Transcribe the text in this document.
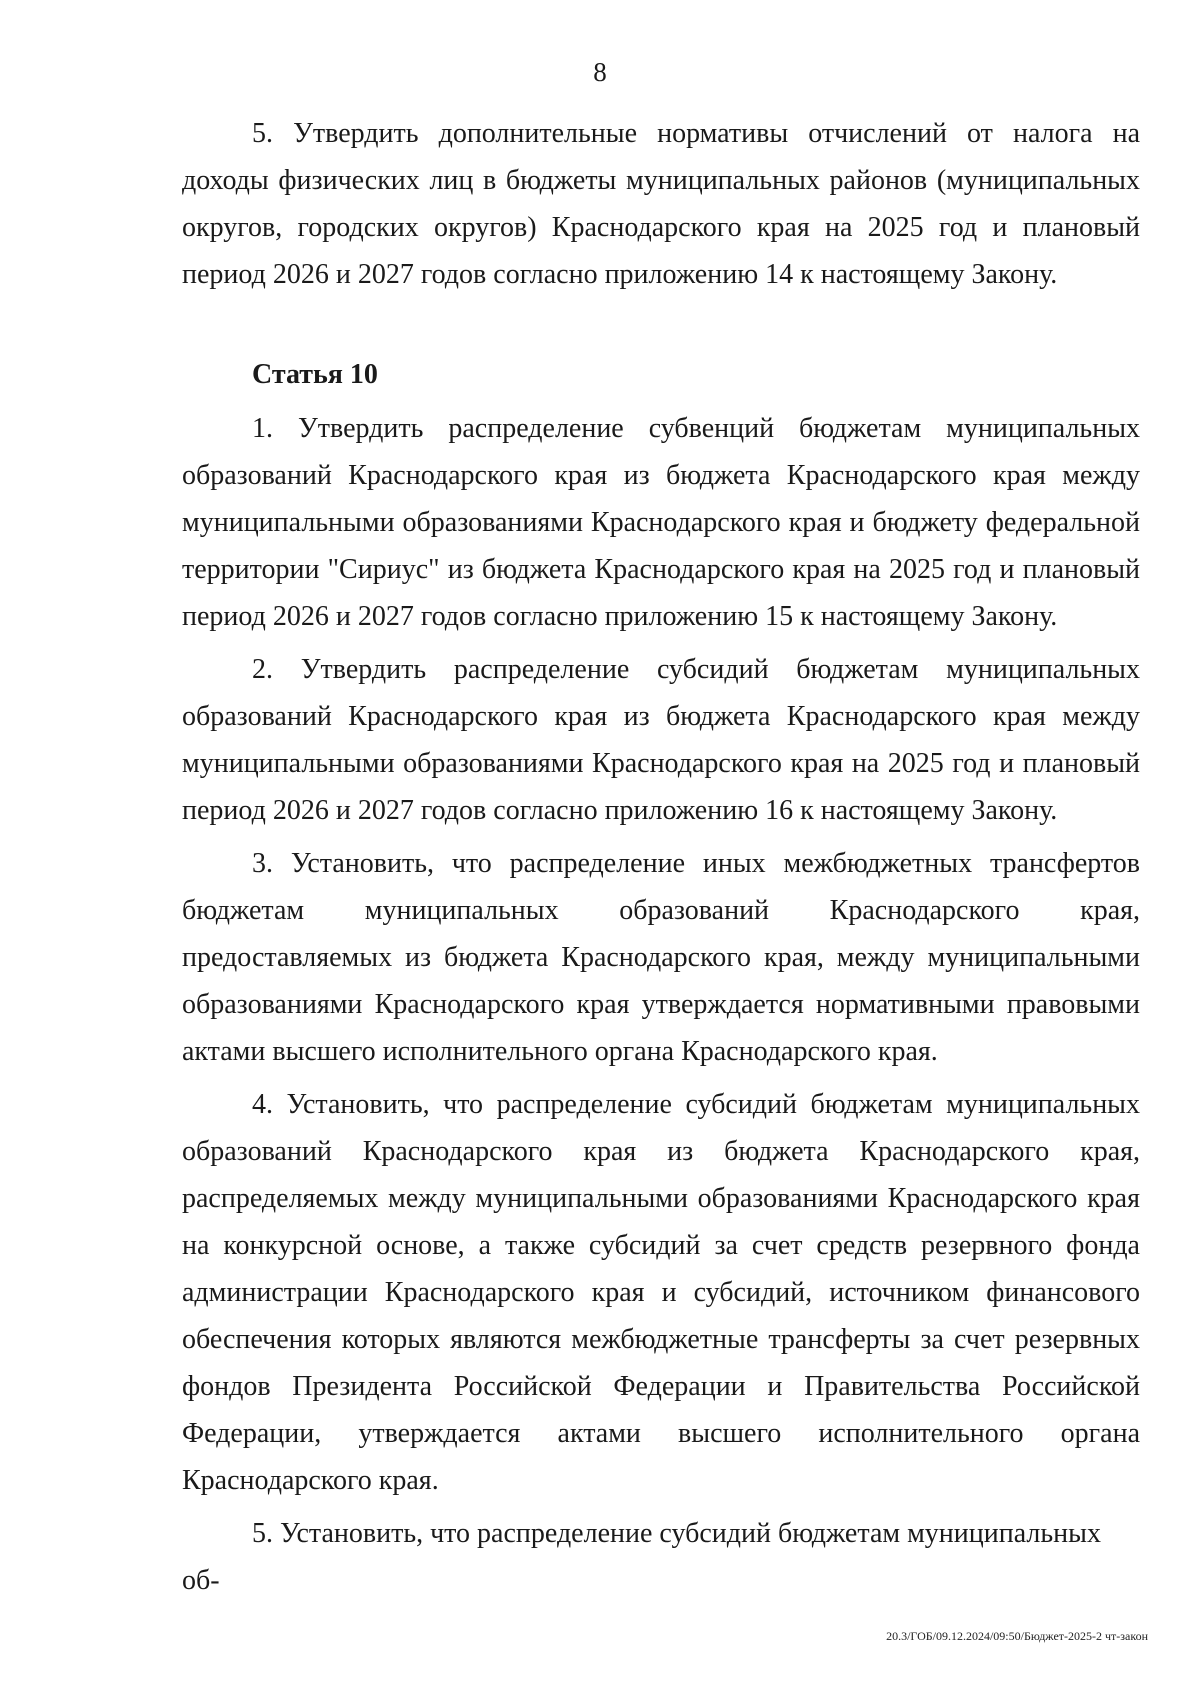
8

5. Утвердить дополнительные нормативы отчислений от налога на доходы физических лиц в бюджеты муниципальных районов (муниципальных округов, городских округов) Краснодарского края на 2025 год и плановый период 2026 и 2027 годов согласно приложению 14 к настоящему Закону.

Статья 10

1. Утвердить распределение субвенций бюджетам муниципальных образований Краснодарского края из бюджета Краснодарского края между муниципальными образованиями Краснодарского края и бюджету федеральной территории "Сириус" из бюджета Краснодарского края на 2025 год и плановый период 2026 и 2027 годов согласно приложению 15 к настоящему Закону.

2. Утвердить распределение субсидий бюджетам муниципальных образований Краснодарского края из бюджета Краснодарского края между муниципальными образованиями Краснодарского края на 2025 год и плановый период 2026 и 2027 годов согласно приложению 16 к настоящему Закону.

3. Установить, что распределение иных межбюджетных трансфертов бюджетам муниципальных образований Краснодарского края, предоставляемых из бюджета Краснодарского края, между муниципальными образованиями Краснодарского края утверждается нормативными правовыми актами высшего исполнительного органа Краснодарского края.

4. Установить, что распределение субсидий бюджетам муниципальных образований Краснодарского края из бюджета Краснодарского края, распределяемых между муниципальными образованиями Краснодарского края на конкурсной основе, а также субсидий за счет средств резервного фонда администрации Краснодарского края и субсидий, источником финансового обеспечения которых являются межбюджетные трансферты за счет резервных фондов Президента Российской Федерации и Правительства Российской Федерации, утверждается актами высшего исполнительного органа Краснодарского края.

5. Установить, что распределение субсидий бюджетам муниципальных об-

20.3/ГОБ/09.12.2024/09:50/Бюджет-2025-2 чт-закон
